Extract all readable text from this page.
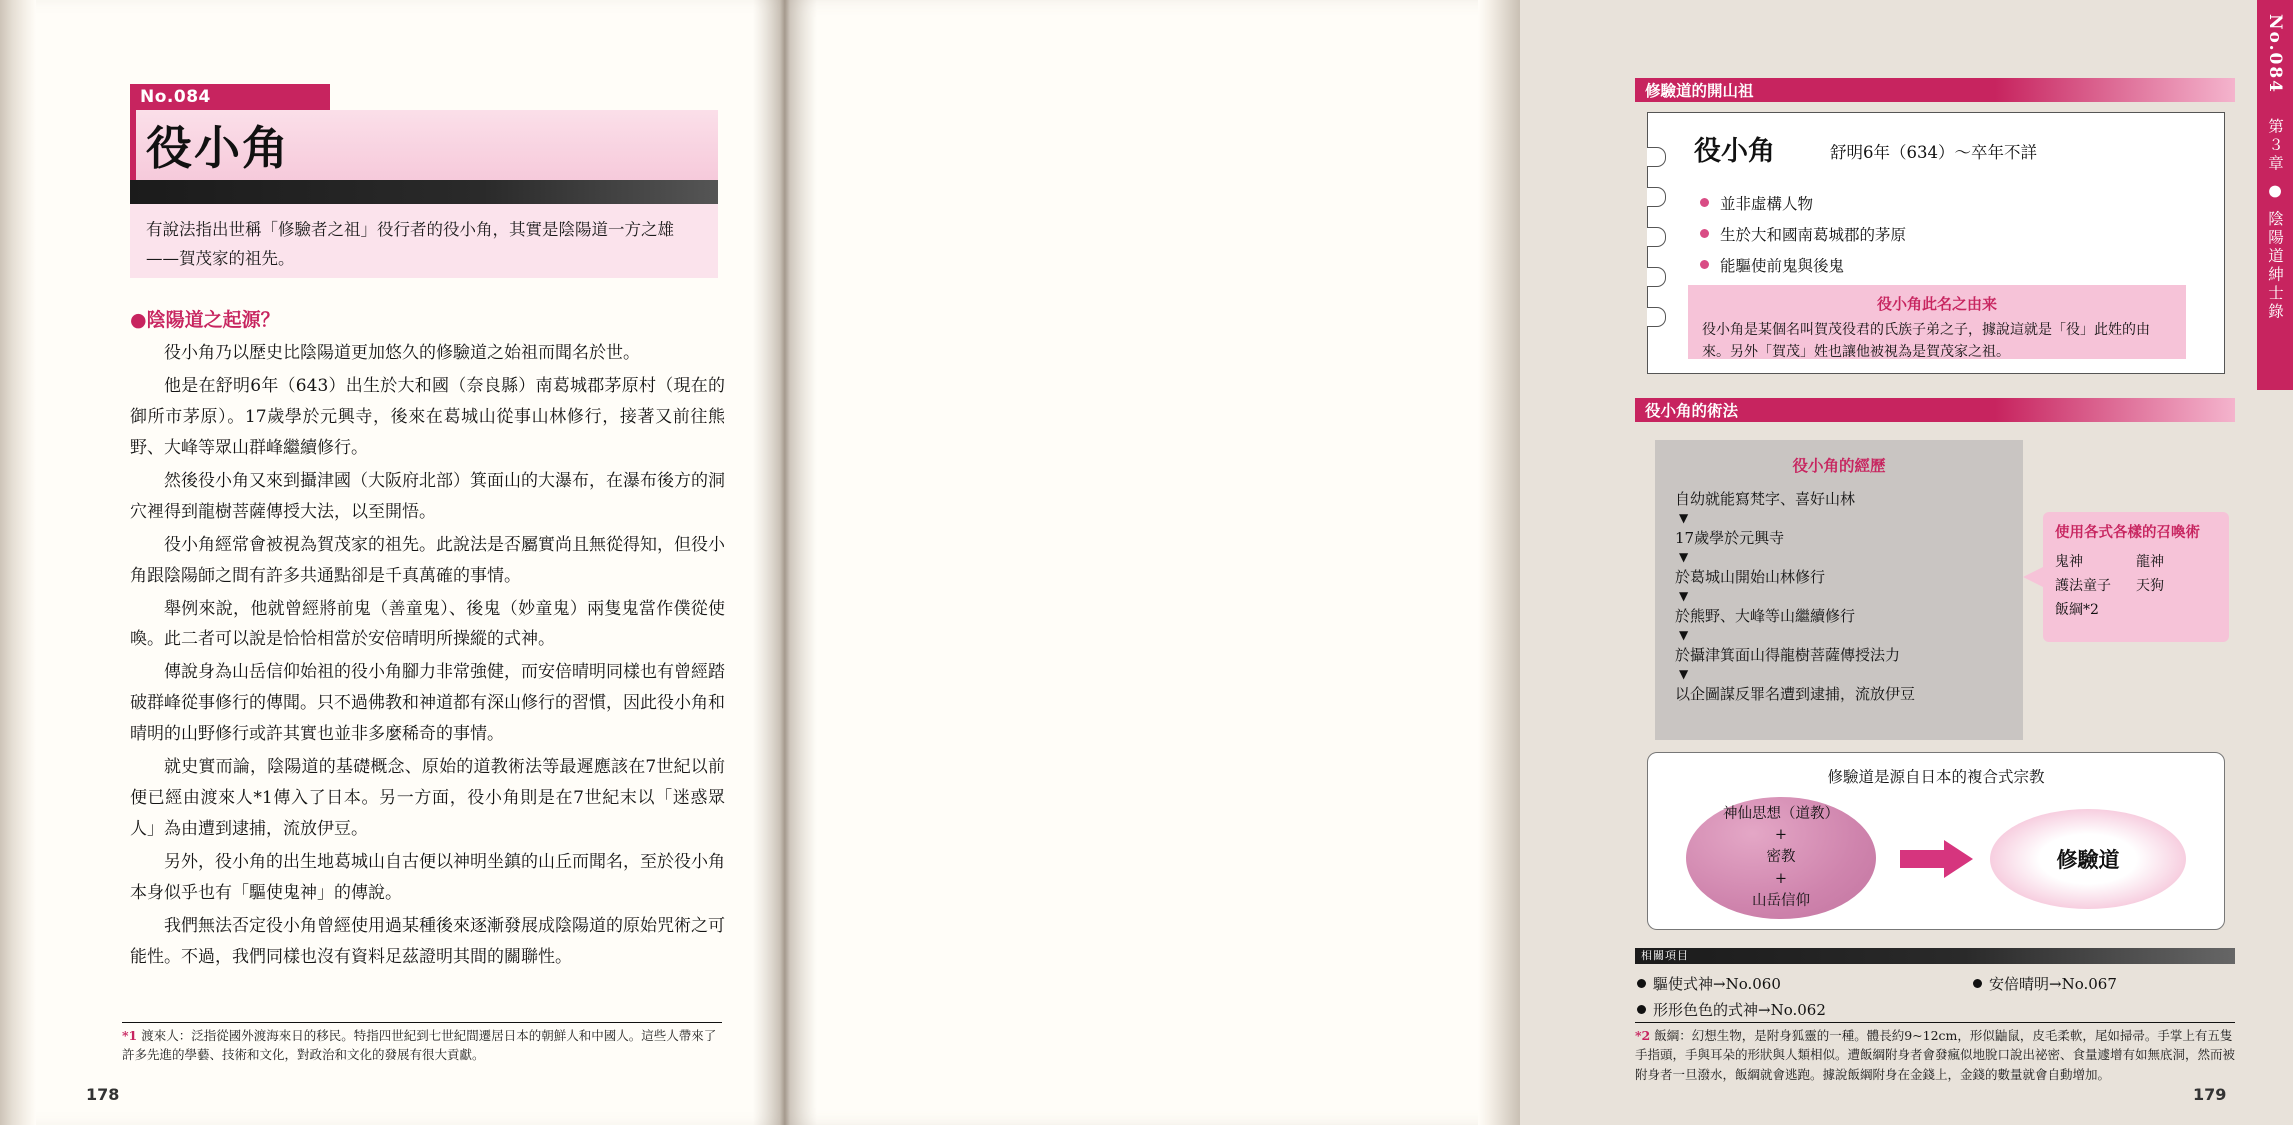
No.084
役小角
有說法指出世稱「修驗者之祖」役行者的役小角，其實是陰陽道一方之雄——賀茂家的祖先。
●陰陽道之起源？

役小角乃以歷史比陰陽道更加悠久的修驗道之始祖而聞名於世。

他是在舒明6年（643）出生於大和國（奈良縣）南葛城郡茅原村（現在的御所市茅原）。17歲學於元興寺，後來在葛城山從事山林修行，接著又前往熊野、大峰等眾山群峰繼續修行。

然後役小角又來到攝津國（大阪府北部）箕面山的大瀑布，在瀑布後方的洞穴裡得到龍樹菩薩傳授大法，以至開悟。

役小角經常會被視為賀茂家的祖先。此說法是否屬實尚且無從得知，但役小角跟陰陽師之間有許多共通點卻是千真萬確的事情。

舉例來說，他就曾經將前鬼（善童鬼）、後鬼（妙童鬼）兩隻鬼當作僕從使喚。此二者可以說是恰恰相當於安倍晴明所操縱的式神。

傳說身為山岳信仰始祖的役小角腳力非常強健，而安倍晴明同樣也有曾經踏破群峰從事修行的傳聞。只不過佛教和神道都有深山修行的習慣，因此役小角和晴明的山野修行或許其實也並非多麼稀奇的事情。

就史實而論，陰陽道的基礎概念、原始的道教術法等最遲應該在7世紀以前便已經由渡來人*1傳入了日本。另一方面，役小角則是在7世紀末以「迷惑眾人」為由遭到逮捕，流放伊豆。

另外，役小角的出生地葛城山自古便以神明坐鎮的山丘而聞名，至於役小角本身似乎也有「驅使鬼神」的傳說。

我們無法否定役小角曾經使用過某種後來逐漸發展成陰陽道的原始咒術之可能性。不過，我們同樣也沒有資料足茲證明其間的關聯性。

*1 渡來人：泛指從國外渡海來日的移民。特指四世紀到七世紀間遷居日本的朝鮮人和中國人。這些人帶來了許多先進的學藝、技術和文化，對政治和文化的發展有很大貢獻。
178
修驗道的開山祖
役小角	舒明6年（634）～卒年不詳
並非虛構人物
生於大和國南葛城郡的茅原
能驅使前鬼與後鬼
役小角此名之由来
役小角是某個名叫賀茂役君的氏族子弟之子，據說這就是「役」此姓的由來。另外「賀茂」姓也讓他被視為是賀茂家之祖。
役小角的術法
役小角的經歷
自幼就能寫梵字、喜好山林
▼
17歲學於元興寺
▼
於葛城山開始山林修行
▼
於熊野、大峰等山繼續修行
▼
於攝津箕面山得龍樹菩薩傳授法力
▼
以企圖謀反罪名遭到逮捕，流放伊豆
使用各式各樣的召喚術
鬼神	龍神
護法童子	天狗
飯綱*2
修驗道是源自日本的複合式宗教
神仙思想（道教）
+
密教
+
山岳信仰
修驗道
相關項目
驅使式神→No.060
形形色色的式神→No.062
安倍晴明→No.067
*2 飯綱：幻想生物，是附身狐靈的一種。體長約9~12cm，形似鼬鼠，皮毛柔軟，尾如掃帚。手掌上有五隻手指頭，手與耳朵的形狀與人類相似。遭飯綱附身者會發瘋似地脫口說出祕密、食量遽增有如無底洞，然而被附身者一旦潑水，飯綱就會逃跑。據說飯綱附身在金錢上，金錢的數量就會自動增加。
179
No.084
第３章 ● 陰陽道紳士錄
